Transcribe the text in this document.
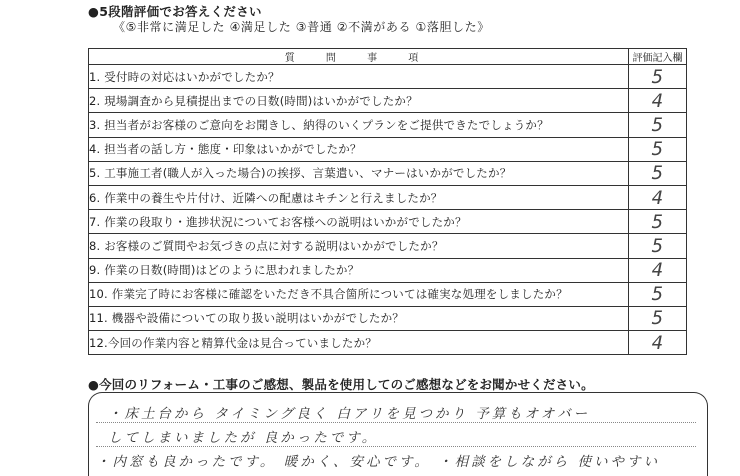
●5段階評価でお答えください
《⑤非常に満足した ④満足した ③普通 ②不満がある ①落胆した》
質 問 事 項	評価記入欄
1. 受付時の対応はいかがでしたか？	5
2. 現場調査から見積提出までの日数(時間)はいかがでしたか？	4
3. 担当者がお客様のご意向をお聞きし、納得のいくプランをご提供できたでしょうか？	5
4. 担当者の話し方・態度・印象はいかがでしたか？	5
5. 工事施工者(職人が入った場合)の挨拶、言葉遣い、マナーはいかがでしたか？	5
6. 作業中の養生や片付け、近隣への配慮はキチンと行えましたか？	4
7. 作業の段取り・進捗状況についてお客様への説明はいかがでしたか？	5
8. お客様のご質問やお気づきの点に対する説明はいかがでしたか？	5
9. 作業の日数(時間)はどのように思われましたか？	4
10. 作業完了時にお客様に確認をいただき不具合箇所については確実な処理をしましたか？	5
11. 機器や設備についての取り扱い説明はいかがでしたか？	5
12.今回の作業内容と精算代金は見合っていましたか？	4
●今回のリフォーム・工事のご感想、製品を使用してのご感想などをお聞かせください。
・床土台から タイミング良く 白アリを見つかり 予算もオオバー
してしまいましたが 良かったです。
・内窓も良かったです。 暖かく、安心です。 ・相談をしながら 使いやすい
